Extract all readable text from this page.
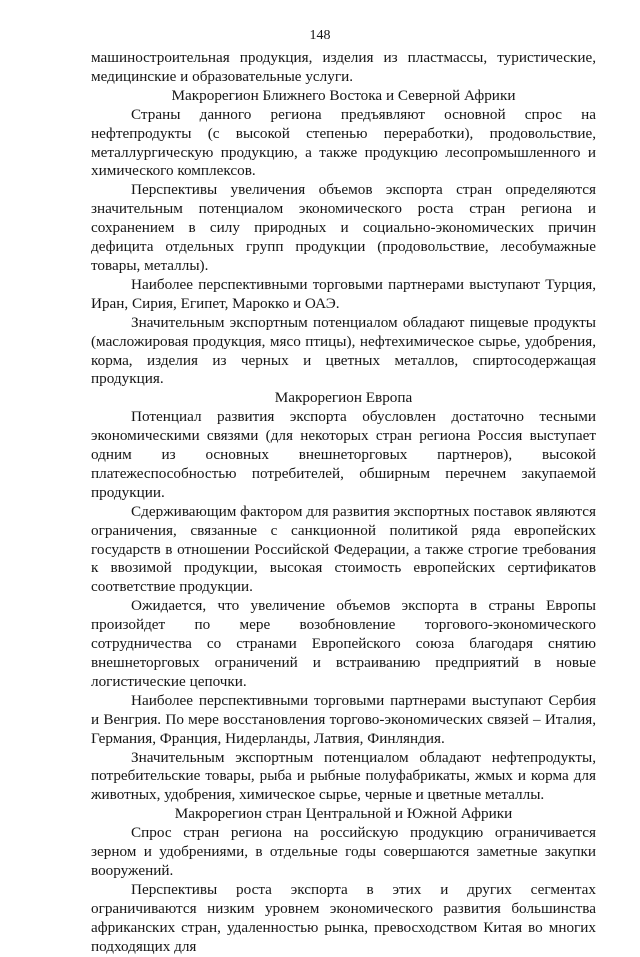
148

машиностроительная продукция, изделия из пластмассы, туристические, медицинские и образовательные услуги.

Макрорегион Ближнего Востока и Северной Африки

Страны данного региона предъявляют основной спрос на нефтепродукты (с высокой степенью переработки), продовольствие, металлургическую продукцию, а также продукцию лесопромышленного и химического комплексов.

Перспективы увеличения объемов экспорта стран определяются значительным потенциалом экономического роста стран региона и сохранением в силу природных и социально-экономических причин дефицита отдельных групп продукции (продовольствие, лесобумажные товары, металлы).

Наиболее перспективными торговыми партнерами выступают Турция, Иран, Сирия, Египет, Марокко и ОАЭ.

Значительным экспортным потенциалом обладают пищевые продукты (масложировая продукция, мясо птицы), нефтехимическое сырье, удобрения, корма, изделия из черных и цветных металлов, спиртосодержащая продукция.

Макрорегион Европа

Потенциал развития экспорта обусловлен достаточно тесными экономическими связями (для некоторых стран региона Россия выступает одним из основных внешнеторговых партнеров), высокой платежеспособностью потребителей, обширным перечнем закупаемой продукции.

Сдерживающим фактором для развития экспортных поставок являются ограничения, связанные с санкционной политикой ряда европейских государств в отношении Российской Федерации, а также строгие требования к ввозимой продукции, высокая стоимость европейских сертификатов соответствие продукции.

Ожидается, что увеличение объемов экспорта в страны Европы произойдет по мере возобновление торгового-экономического сотрудничества со странами Европейского союза благодаря снятию внешнеторговых ограничений и встраиванию предприятий в новые логистические цепочки.

Наиболее перспективными торговыми партнерами выступают Сербия и Венгрия. По мере восстановления торгово-экономических связей – Италия, Германия, Франция, Нидерланды, Латвия, Финляндия.

Значительным экспортным потенциалом обладают нефтепродукты, потребительские товары, рыба и рыбные полуфабрикаты, жмых и корма для животных, удобрения, химическое сырье, черные и цветные металлы.

Макрорегион стран Центральной и Южной Африки

Спрос стран региона на российскую продукцию ограничивается зерном и удобрениями, в отдельные годы совершаются заметные закупки вооружений.

Перспективы роста экспорта в этих и других сегментах ограничиваются низким уровнем экономического развития большинства африканских стран, удаленностью рынка, превосходством Китая во многих подходящих для
